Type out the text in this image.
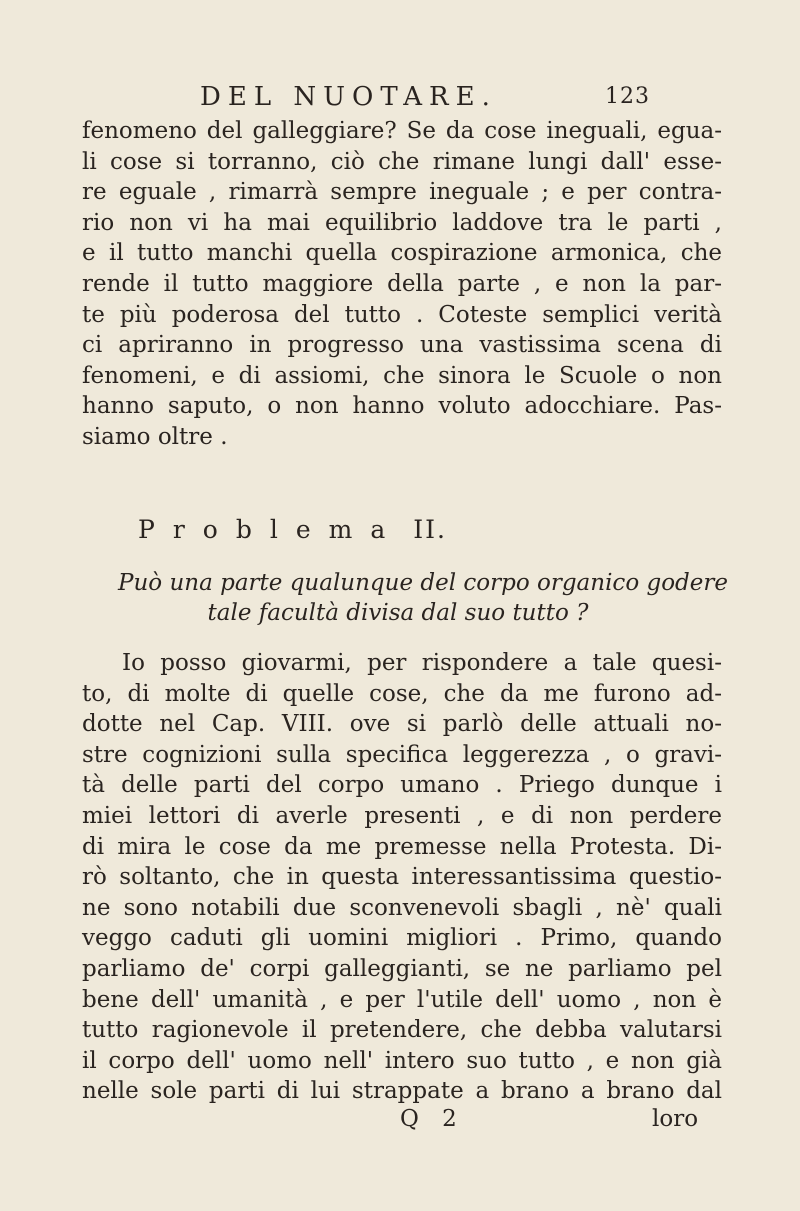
DEL NUOTARE.	123
fenomeno del galleggiare? Se da cose ineguali, egua-
li cose si torranno, ciò che rimane lungi dall' esse-
re eguale , rimarrà sempre ineguale ; e per contra-
rio non vi ha mai equilibrio laddove tra le parti ,
e il tutto manchi quella cospirazione armonica, che
rende il tutto maggiore della parte , e non la par-
te più poderosa del tutto . Coteste semplici verità
ci apriranno in progresso una vastissima scena di
fenomeni, e di assiomi, che sinora le Scuole o non
hanno saputo, o non hanno voluto adocchiare. Pas-
siamo oltre .
Problema II.
Può una parte qualunque del corpo organico godere
tale facultà divisa dal suo tutto ?
Io posso giovarmi, per rispondere a tale quesi-
to, di molte di quelle cose, che da me furono ad-
dotte nel Cap. VIII. ove si parlò delle attuali no-
stre cognizioni sulla specifica leggerezza , o gravi-
tà delle parti del corpo umano . Priego dunque i
miei lettori di averle presenti , e di non perdere
di mira le cose da me premesse nella Protesta. Di-
rò soltanto, che in questa interessantissima questio-
ne sono notabili due sconvenevoli sbagli , nè' quali
veggo caduti gli uomini migliori . Primo, quando
parliamo de' corpi galleggianti, se ne parliamo pel
bene dell' umanità , e per l'utile dell' uomo , non è
tutto ragionevole il pretendere, che debba valutarsi
il corpo dell' uomo nell' intero suo tutto , e non già
nelle sole parti di lui strappate a brano a brano dal
Q 2	loro
